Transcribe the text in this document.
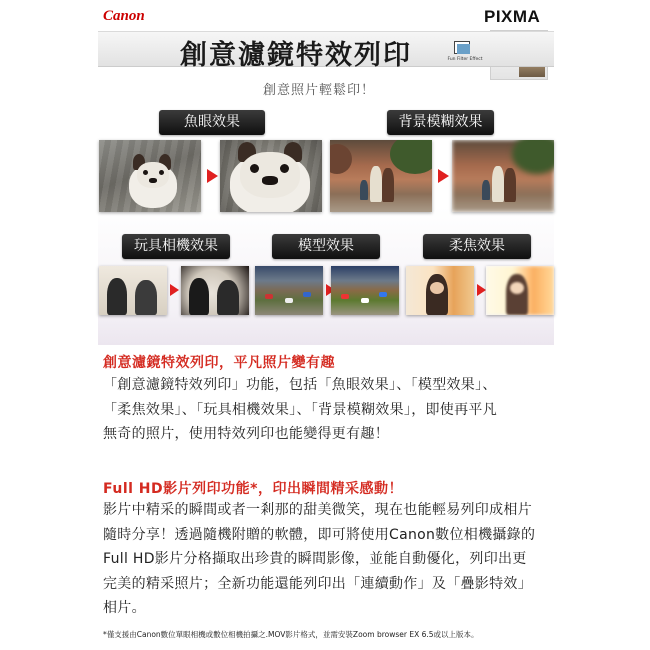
Canon	PIXMA
創意濾鏡特效列印	Fun Filter Effect
創意照片輕鬆印！
魚眼效果	背景模糊效果
玩具相機效果	模型效果	柔焦效果
創意濾鏡特效列印，平凡照片變有趣
「創意濾鏡特效列印」功能，包括「魚眼效果」、「模型效果」、
「柔焦效果」、「玩具相機效果」、「背景模糊效果」，即使再平凡
無奇的照片，使用特效列印也能變得更有趣！
Full HD影片列印功能*，印出瞬間精采感動！
影片中精采的瞬間或者一剎那的甜美微笑，現在也能輕易列印成相片
隨時分享！透過隨機附贈的軟體，即可將使用Canon數位相機攝錄的
Full HD影片分格擷取出珍貴的瞬間影像，並能自動優化，列印出更
完美的精采照片；全新功能還能列印出「連續動作」及「疊影特效」
相片。
*僅支援由Canon數位單眼相機或數位相機拍攝之.MOV影片格式，並需安裝Zoom browser EX 6.5或以上版本。
